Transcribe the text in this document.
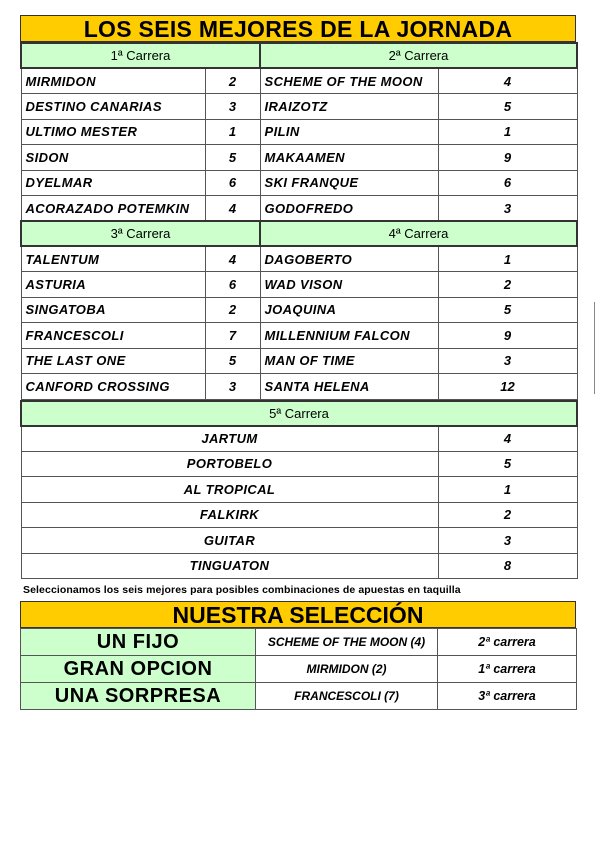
LOS SEIS MEJORES DE LA JORNADA
1ª Carrera		2ª Carrera	
MIRMIDON	2	SCHEME OF THE MOON	4
DESTINO CANARIAS	3	IRAIZOTZ	5
ULTIMO MESTER	1	PILIN	1
SIDON	5	MAKAAMEN	9
DYELMAR	6	SKI FRANQUE	6
ACORAZADO POTEMKIN	4	GODOFREDO	3
3ª Carrera		4ª Carrera	
TALENTUM	4	DAGOBERTO	1
ASTURIA	6	WAD VISON	2
SINGATOBA	2	JOAQUINA	5
FRANCESCOLI	7	MILLENNIUM FALCON	9
THE LAST ONE	5	MAN OF TIME	3
CANFORD CROSSING	3	SANTA HELENA	12
5ª Carrera	
JARTUM	4
PORTOBELO	5
AL TROPICAL	1
FALKIRK	2
GUITAR	3
TINGUATON	8
Seleccionamos los seis mejores para posibles combinaciones de apuestas en taquilla
NUESTRA SELECCIÓN
UN FIJO	SCHEME OF THE MOON (4)	2ª carrera
GRAN OPCION	MIRMIDON (2)	1ª carrera
UNA SORPRESA	FRANCESCOLI (7)	3ª carrera
